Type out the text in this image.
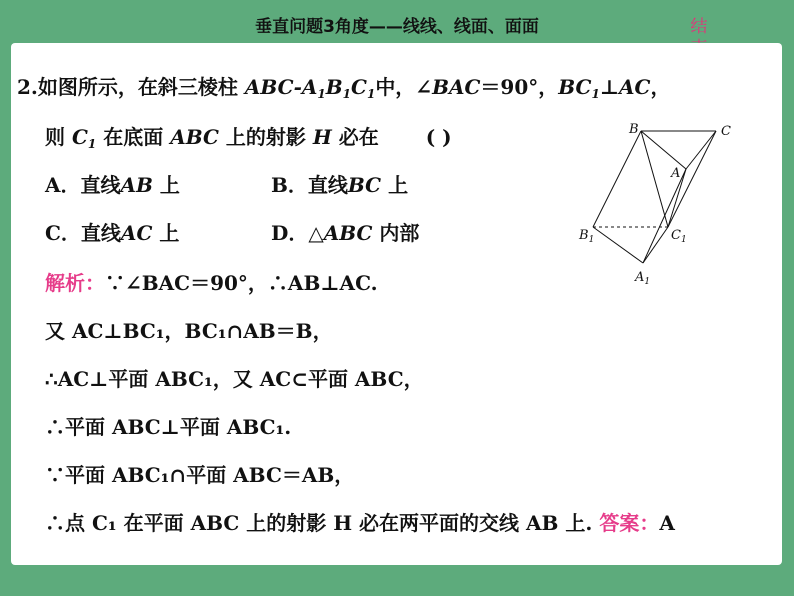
垂直问题3角度——线线、线面、面面	结
2.如图所示，在斜三棱柱 ABC-$A_1B_1C_1$中，∠BAC＝90°，$BC_1\perp AC$，
则 $C_1$ 在底面 ABC 上的射影 H 必在 ( )
A．直线AB 上	B．直线BC 上
C．直线AC 上	D．△ABC 内部
解析：∵∠BAC＝90°，∴AB⊥AC.
又 AC⊥BC₁，BC₁∩AB＝B，
∴AC⊥平面 ABC₁，又 AC⊂平面 ABC，
∴平面 ABC⊥平面 ABC₁.
∵平面 ABC₁∩平面 ABC＝AB，
∴点 C₁ 在平面 ABC 上的射影 H 必在两平面的交线 AB 上. 答案：A
B	C
A
$B_1$	$C_1$
$A_1$
